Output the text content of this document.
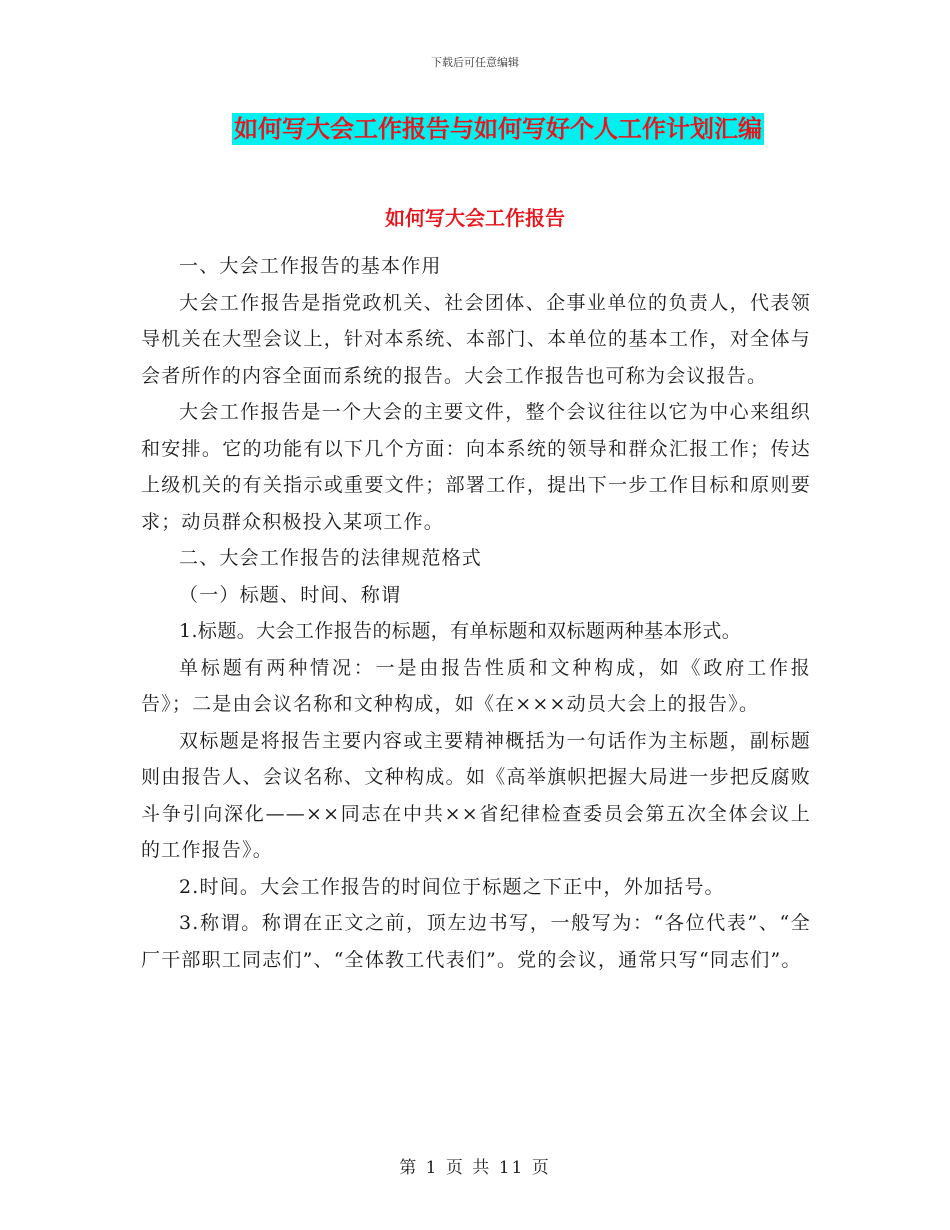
下载后可任意编辑
如何写大会工作报告与如何写好个人工作计划汇编
如何写大会工作报告

一、大会工作报告的基本作用

大会工作报告是指党政机关、社会团体、企事业单位的负责人，代表领导机关在大型会议上，针对本系统、本部门、本单位的基本工作，对全体与会者所作的内容全面而系统的报告。大会工作报告也可称为会议报告。

大会工作报告是一个大会的主要文件，整个会议往往以它为中心来组织和安排。它的功能有以下几个方面：向本系统的领导和群众汇报工作；传达上级机关的有关指示或重要文件；部署工作，提出下一步工作目标和原则要求；动员群众积极投入某项工作。

二、大会工作报告的法律规范格式

（一）标题、时间、称谓

1.标题。大会工作报告的标题，有单标题和双标题两种基本形式。

单标题有两种情况：一是由报告性质和文种构成，如《政府工作报告》；二是由会议名称和文种构成，如《在×××动员大会上的报告》。

双标题是将报告主要内容或主要精神概括为一句话作为主标题，副标题则由报告人、会议名称、文种构成。如《高举旗帜把握大局进一步把反腐败斗争引向深化——××同志在中共××省纪律检查委员会第五次全体会议上的工作报告》。

2.时间。大会工作报告的时间位于标题之下正中，外加括号。

3.称谓。称谓在正文之前，顶左边书写，一般写为：“各位代表”、“全厂干部职工同志们”、“全体教工代表们”。党的会议，通常只写“同志们”。

第 1 页 共 11 页
